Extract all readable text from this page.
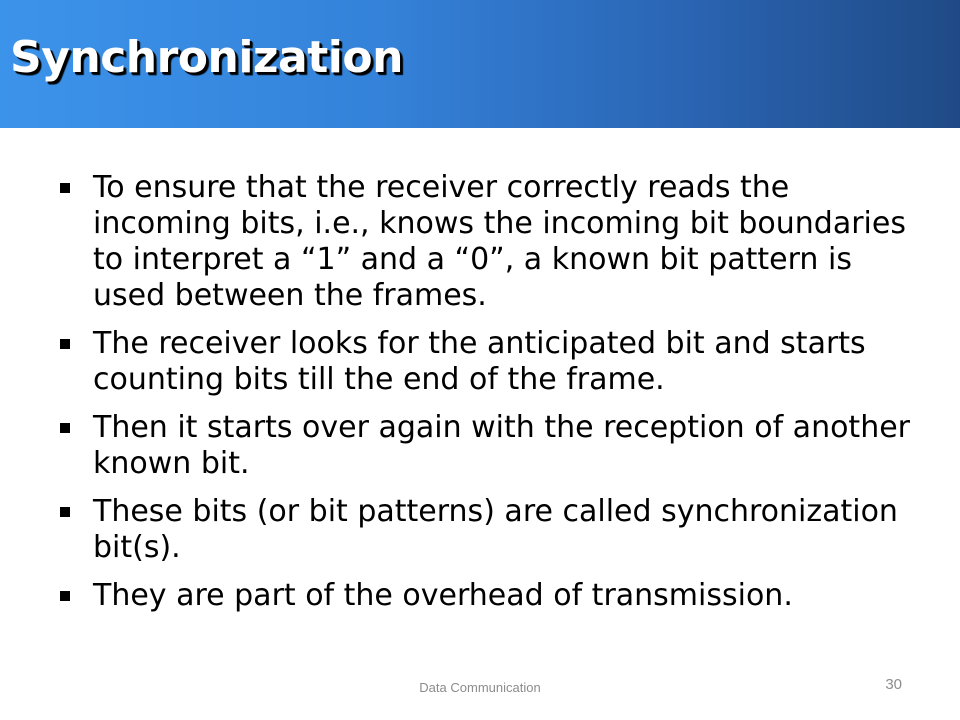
Synchronization
To ensure that the receiver correctly reads the incoming bits, i.e., knows the incoming bit boundaries to interpret a “1” and a “0”, a known bit pattern is used between the frames.
The receiver looks for the anticipated bit and starts counting bits till the end of the frame.
Then it starts over again with the reception of another known bit.
These bits (or bit patterns) are called synchronization bit(s).
They are part of the overhead of transmission.
Data Communication	30
